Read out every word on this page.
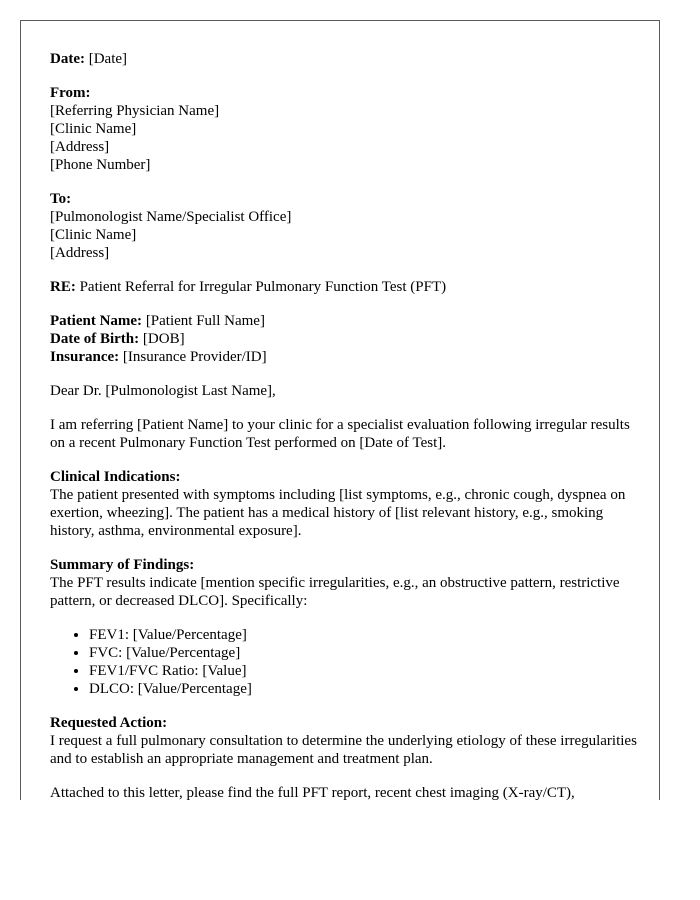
Date: [Date]
From:
[Referring Physician Name]
[Clinic Name]
[Address]
[Phone Number]
To:
[Pulmonologist Name/Specialist Office]
[Clinic Name]
[Address]
RE: Patient Referral for Irregular Pulmonary Function Test (PFT)
Patient Name: [Patient Full Name]
Date of Birth: [DOB]
Insurance: [Insurance Provider/ID]
Dear Dr. [Pulmonologist Last Name],
I am referring [Patient Name] to your clinic for a specialist evaluation following irregular results on a recent Pulmonary Function Test performed on [Date of Test].
Clinical Indications:
The patient presented with symptoms including [list symptoms, e.g., chronic cough, dyspnea on exertion, wheezing]. The patient has a medical history of [list relevant history, e.g., smoking history, asthma, environmental exposure].
Summary of Findings:
The PFT results indicate [mention specific irregularities, e.g., an obstructive pattern, restrictive pattern, or decreased DLCO]. Specifically:
• FEV1: [Value/Percentage]
• FVC: [Value/Percentage]
• FEV1/FVC Ratio: [Value]
• DLCO: [Value/Percentage]
Requested Action:
I request a full pulmonary consultation to determine the underlying etiology of these irregularities and to establish an appropriate management and treatment plan.
Attached to this letter, please find the full PFT report, recent chest imaging (X-ray/CT),
